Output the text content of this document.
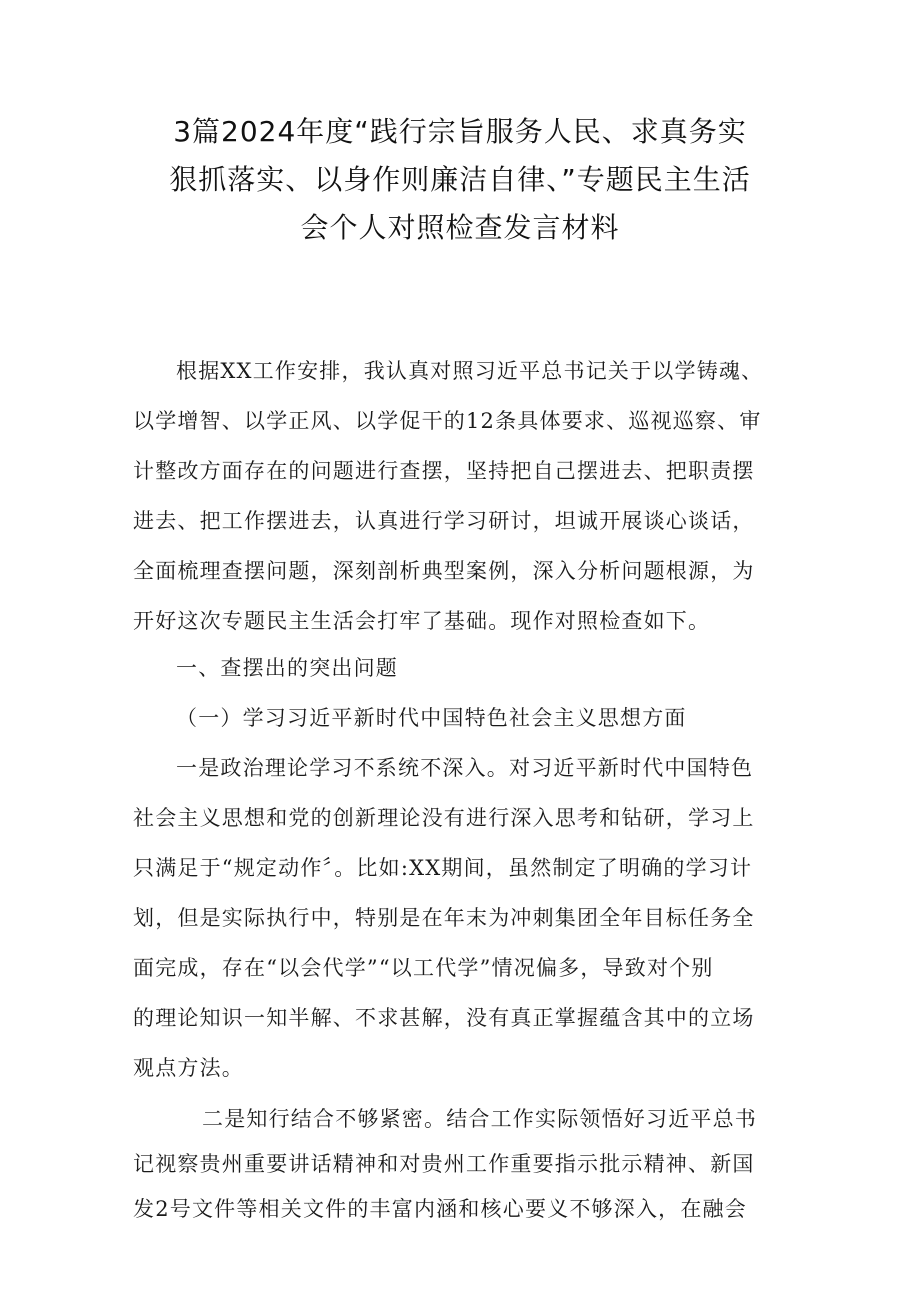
3篇2024年度“践行宗旨服务人民、求真务实
狠抓落实、以身作则廉洁自律、”专题民主生活
会个人对照检查发言材料
根据XX工作安排，我认真对照习近平总书记关于以学铸魂、
以学增智、以学正风、以学促干的12条具体要求、巡视巡察、审
计整改方面存在的问题进行查摆，坚持把自己摆进去、把职责摆
进去、把工作摆进去，认真进行学习研讨，坦诚开展谈心谈话，
全面梳理查摆问题，深刻剖析典型案例，深入分析问题根源，为
开好这次专题民主生活会打牢了基础。现作对照检查如下。
一、查摆出的突出问题
（一）学习习近平新时代中国特色社会主义思想方面
一是政治理论学习不系统不深入。对习近平新时代中国特色
社会主义思想和党的创新理论没有进行深入思考和钻研，学习上
只满足于“规定动作〞。比如:XX期间，虽然制定了明确的学习计
划，但是实际执行中，特别是在年末为冲刺集团全年目标任务全
面完成，存在“以会代学”“以工代学”情况偏多，导致对个别
的理论知识一知半解、不求甚解，没有真正掌握蕴含其中的立场
观点方法。
二是知行结合不够紧密。结合工作实际领悟好习近平总书
记视察贵州重要讲话精神和对贵州工作重要指示批示精神、新国
发2号文件等相关文件的丰富内涵和核心要义不够深入，在融会
